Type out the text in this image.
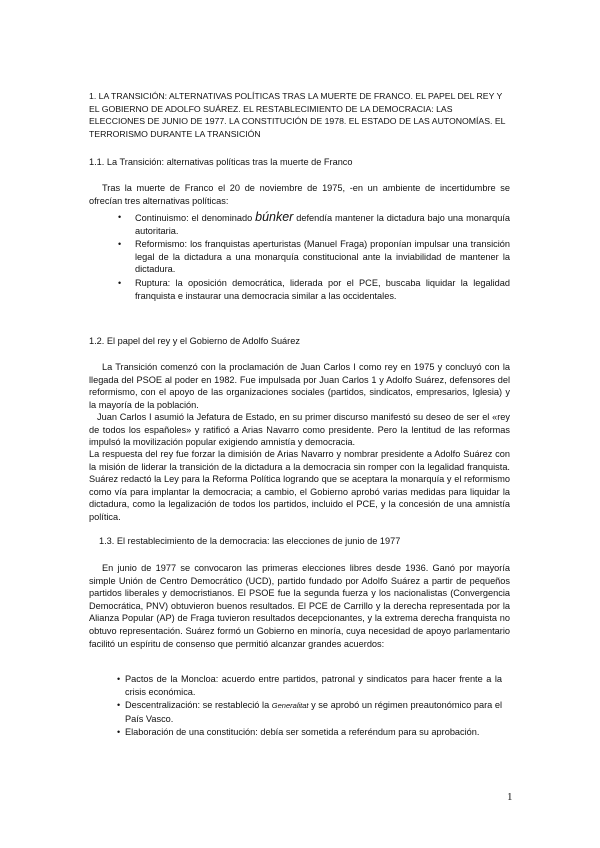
1. LA TRANSICIÓN: ALTERNATIVAS POLÍTICAS TRAS LA MUERTE DE FRANCO. EL PAPEL DEL REY Y EL GOBIERNO DE ADOLFO SUÁREZ. EL RESTABLECIMIENTO DE LA DEMOCRACIA: LAS ELECCIONES DE JUNIO DE 1977. LA CONSTITUCIÓN DE 1978. EL ESTADO DE LAS AUTONOMÍAS. EL TERRORISMO DURANTE LA TRANSICIÓN
1.1. La Transición: alternativas políticas tras la muerte de Franco

Tras la muerte de Franco el 20 de noviembre de 1975, -en un ambiente de incertidumbre se ofrecían tres alternativas políticas:

• Continuismo: el denominado búnker defendía mantener la dictadura bajo una monarquía autoritaria.
• Reformismo: los franquistas aperturistas (Manuel Fraga) proponían impulsar una transición legal de la dictadura a una monarquía constitucional ante la inviabilidad de mantener la dictadura.
• Ruptura: la oposición democrática, liderada por el PCE, buscaba liquidar la legalidad franquista e instaurar una democracia similar a las occidentales.
1.2. El papel del rey y el Gobierno de Adolfo Suárez

La Transición comenzó con la proclamación de Juan Carlos I como rey en 1975 y concluyó con la llegada del PSOE al poder en 1982. Fue impulsada por Juan Carlos 1 y Adolfo Suárez, defensores del reformismo, con el apoyo de las organizaciones sociales (partidos, sindicatos, empresarios, Iglesia) y la mayoría de la población.

Juan Carlos I asumió la Jefatura de Estado, en su primer discurso manifestó su deseo de ser el «rey de todos los españoles» y ratificó a Arias Navarro como presidente. Pero la lentitud de las reformas impulsó la movilización popular exigiendo amnistía y democracia.

La respuesta del rey fue forzar la dimisión de Arias Navarro y nombrar presidente a Adolfo Suárez con la misión de liderar la transición de la dictadura a la democracia sin romper con la legalidad franquista. Suárez redactó la Ley para la Reforma Política logrando que se aceptara la monarquía y el reformismo como vía para implantar la democracia; a cambio, el Gobierno aprobó varias medidas para liquidar la dictadura, como la legalización de todos los partidos, incluido el PCE, y la concesión de una amnistía política.

1.3. El restablecimiento de la democracia: las elecciones de junio de 1977

En junio de 1977 se convocaron las primeras elecciones libres desde 1936. Ganó por mayoría simple Unión de Centro Democrático (UCD), partido fundado por Adolfo Suárez a partir de pequeños partidos liberales y democristianos. El PSOE fue la segunda fuerza y los nacionalistas (Convergencia Democrática, PNV) obtuvieron buenos resultados. El PCE de Carrillo y la derecha representada por la Alianza Popular (AP) de Fraga tuvieron resultados decepcionantes, y la extrema derecha franquista no obtuvo representación. Suárez formó un Gobierno en minoría, cuya necesidad de apoyo parlamentario facilitó un espíritu de consenso que permitió alcanzar grandes acuerdos:

• Pactos de la Moncloa: acuerdo entre partidos, patronal y sindicatos para hacer frente a la crisis económica.
• Descentralización: se restableció la Generalitat y se aprobó un régimen preautonómico para el País Vasco.
• Elaboración de una constitución: debía ser sometida a referéndum para su aprobación.
1
